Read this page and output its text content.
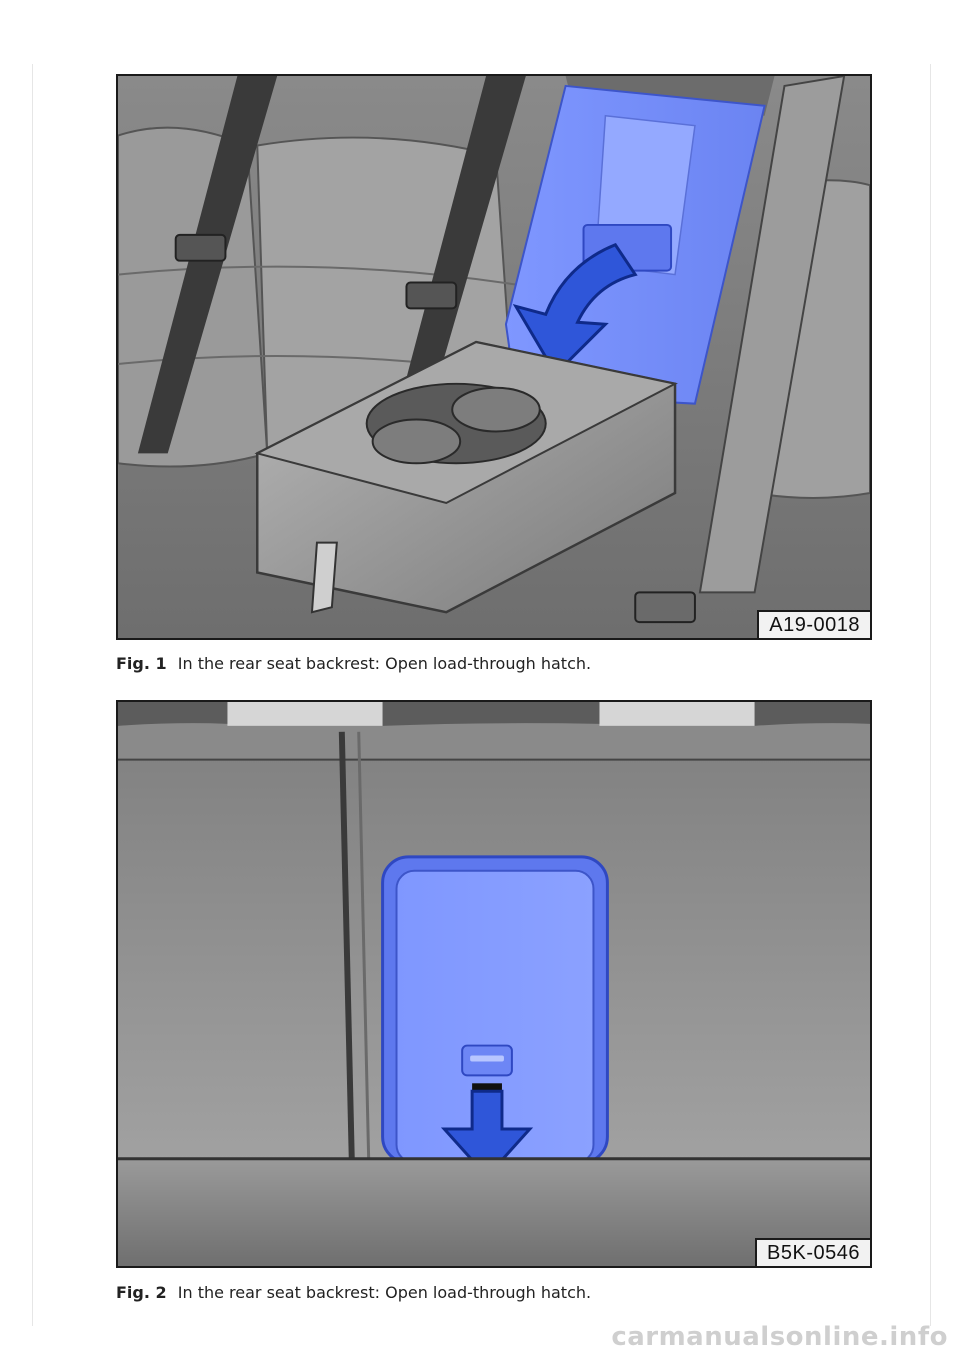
A19-0018
Fig. 1 In the rear seat backrest: Open load-through hatch.
B5K-0546
Fig. 2 In the rear seat backrest: Open load-through hatch.
carmanualsonline.info
